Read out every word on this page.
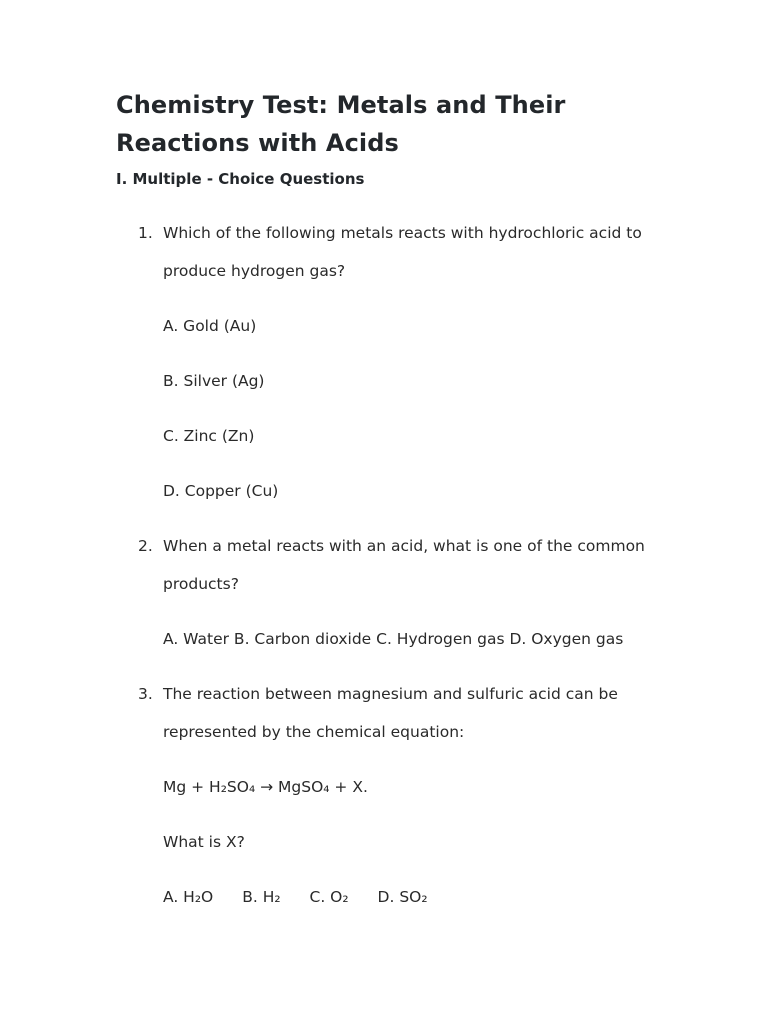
Chemistry Test: Metals and Their Reactions with Acids
I. Multiple - Choice Questions
1. Which of the following metals reacts with hydrochloric acid to produce hydrogen gas?

A. Gold (Au)

B. Silver (Ag)

C. Zinc (Zn)

D. Copper (Cu)

2. When a metal reacts with an acid, what is one of the common products?

A. Water B. Carbon dioxide C. Hydrogen gas D. Oxygen gas

3. The reaction between magnesium and sulfuric acid can be represented by the chemical equation:

Mg + H₂SO₄ → MgSO₄ + X.

What is X?

A. H₂O B. H₂ C. O₂ D. SO₂
